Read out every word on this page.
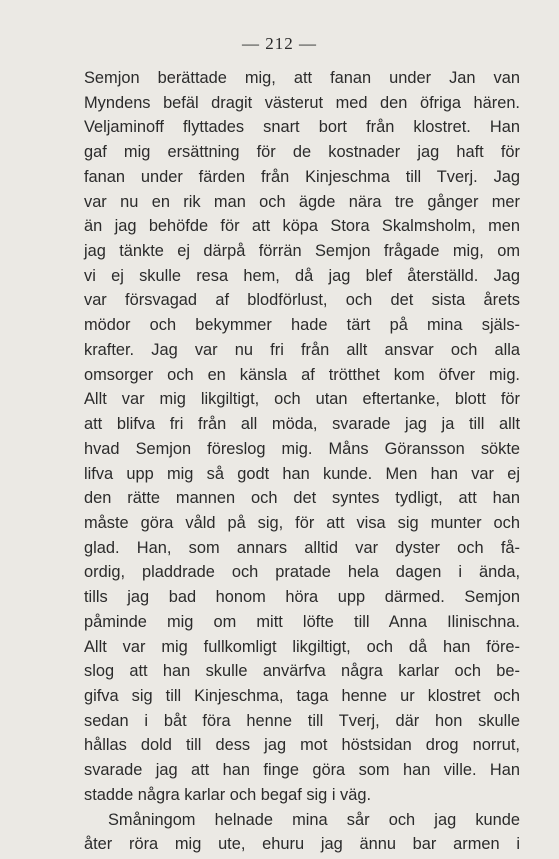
— 212 —
Semjon berättade mig, att fanan under Jan van
Myndens befäl dragit västerut med den öfriga hären.
Veljaminoff flyttades snart bort från klostret. Han
gaf mig ersättning för de kostnader jag haft för
fanan under färden från Kinjeschma till Tverj. Jag
var nu en rik man och ägde nära tre gånger mer
än jag behöfde för att köpa Stora Skalmsholm, men
jag tänkte ej därpå förrän Semjon frågade mig, om
vi ej skulle resa hem, då jag blef återställd. Jag
var försvagad af blodförlust, och det sista årets
mödor och bekymmer hade tärt på mina själs-
krafter. Jag var nu fri från allt ansvar och alla
omsorger och en känsla af trötthet kom öfver mig.
Allt var mig likgiltigt, och utan eftertanke, blott för
att blifva fri från all möda, svarade jag ja till allt
hvad Semjon föreslog mig. Måns Göransson sökte
lifva upp mig så godt han kunde. Men han var ej
den rätte mannen och det syntes tydligt, att han
måste göra våld på sig, för att visa sig munter och
glad. Han, som annars alltid var dyster och få-
ordig, pladdrade och pratade hela dagen i ända,
tills jag bad honom höra upp därmed. Semjon
påminde mig om mitt löfte till Anna Ilinischna.
Allt var mig fullkomligt likgiltigt, och då han före-
slog att han skulle anvärfva några karlar och be-
gifva sig till Kinjeschma, taga henne ur klostret och
sedan i båt föra henne till Tverj, där hon skulle
hållas dold till dess jag mot höstsidan drog norrut,
svarade jag att han finge göra som han ville. Han
stadde några karlar och begaf sig i väg.
Småningom helnade mina sår och jag kunde
åter röra mig ute, ehuru jag ännu bar armen i
